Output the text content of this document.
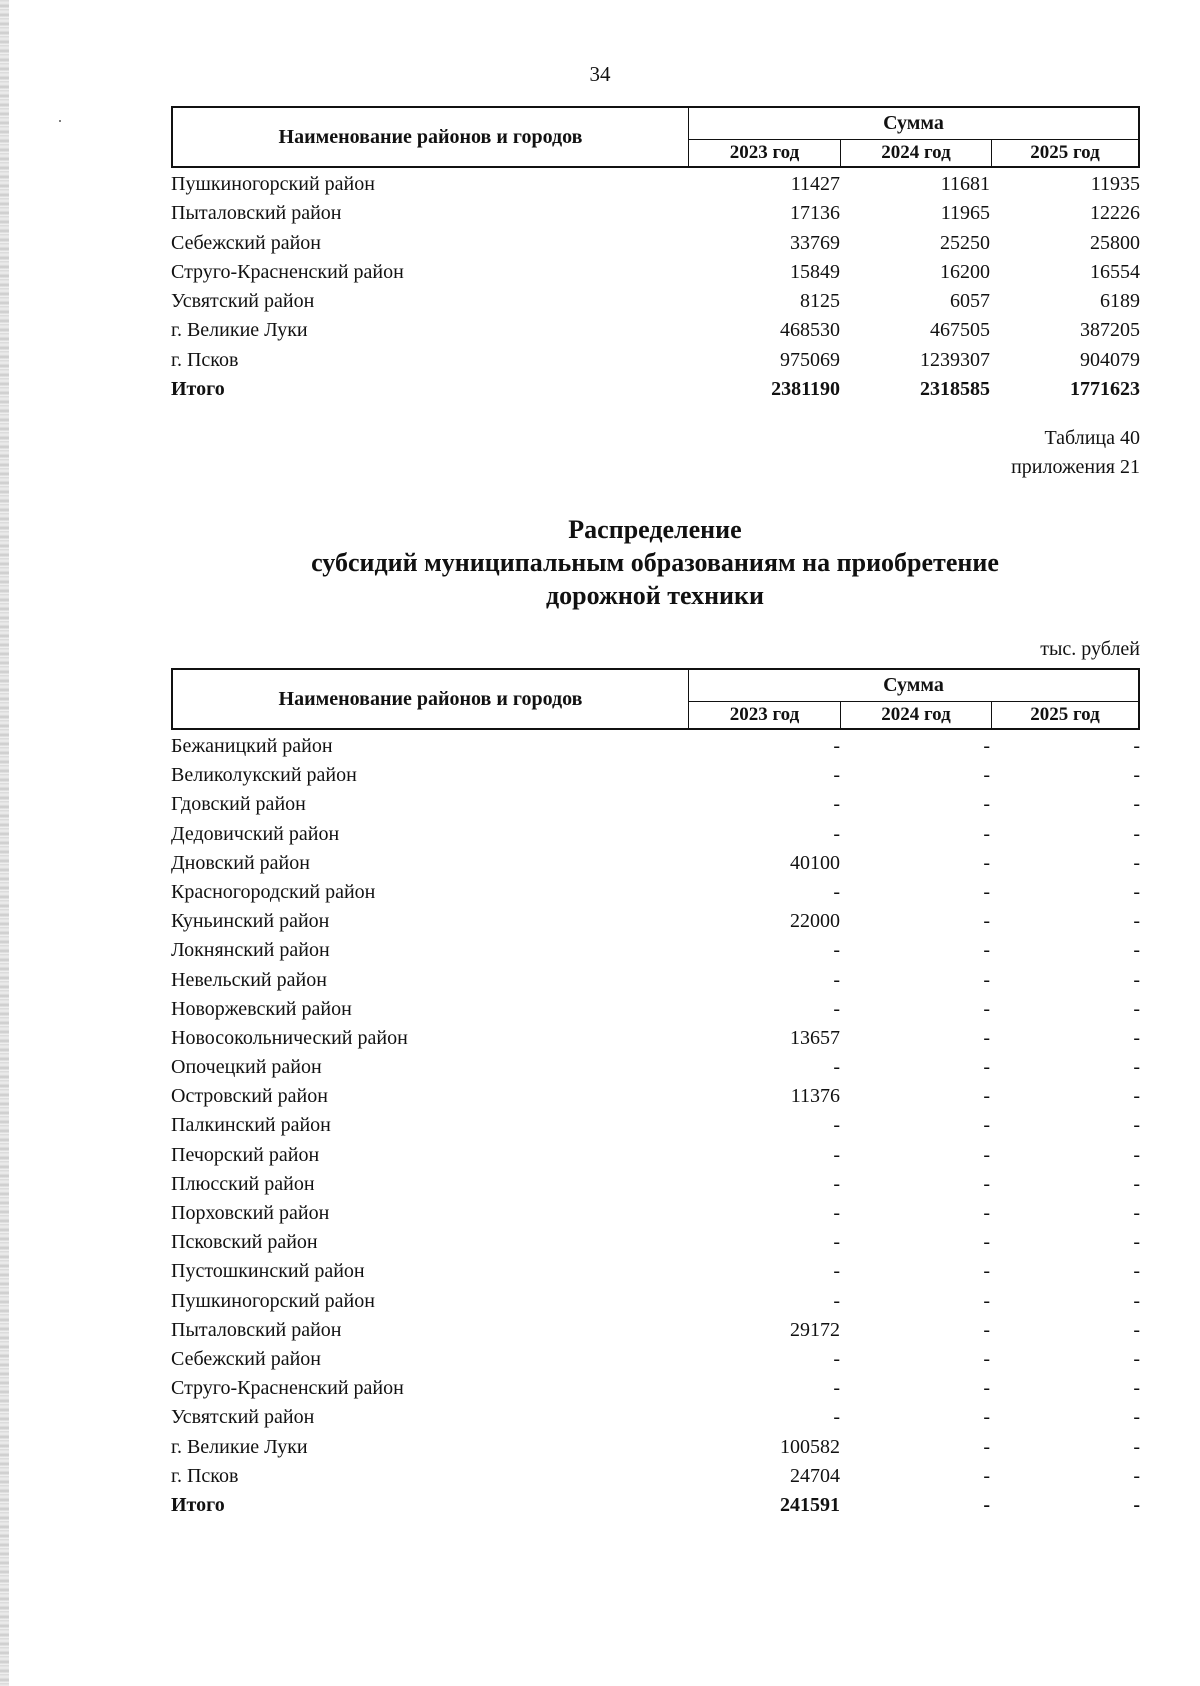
34
Наименование районов и городов
Сумма
2023 год	2024 год	2025 год
Пушкиногорский район	11427	11681	11935
Пыталовский район	17136	11965	12226
Себежский район	33769	25250	25800
Струго-Красненский район	15849	16200	16554
Усвятский район	8125	6057	6189
г. Великие Луки	468530	467505	387205
г. Псков	975069	1239307	904079
Итого	2381190	2318585	1771623
Таблица 40
приложения 21
Распределение
субсидий муниципальным образованиям на приобретение
дорожной техники
тыс. рублей
Наименование районов и городов
Сумма
2023 год	2024 год	2025 год
Бежаницкий район	-	-	-
Великолукский район	-	-	-
Гдовский район	-	-	-
Дедовичский район	-	-	-
Дновский район	40100	-	-
Красногородский район	-	-	-
Куньинский район	22000	-	-
Локнянский район	-	-	-
Невельский район	-	-	-
Новоржевский район	-	-	-
Новосокольнический район	13657	-	-
Опочецкий район	-	-	-
Островский район	11376	-	-
Палкинский район	-	-	-
Печорский район	-	-	-
Плюсский район	-	-	-
Порховский район	-	-	-
Псковский район	-	-	-
Пустошкинский район	-	-	-
Пушкиногорский район	-	-	-
Пыталовский район	29172	-	-
Себежский район	-	-	-
Струго-Красненский район	-	-	-
Усвятский район	-	-	-
г. Великие Луки	100582	-	-
г. Псков	24704	-	-
Итого	241591	-	-
